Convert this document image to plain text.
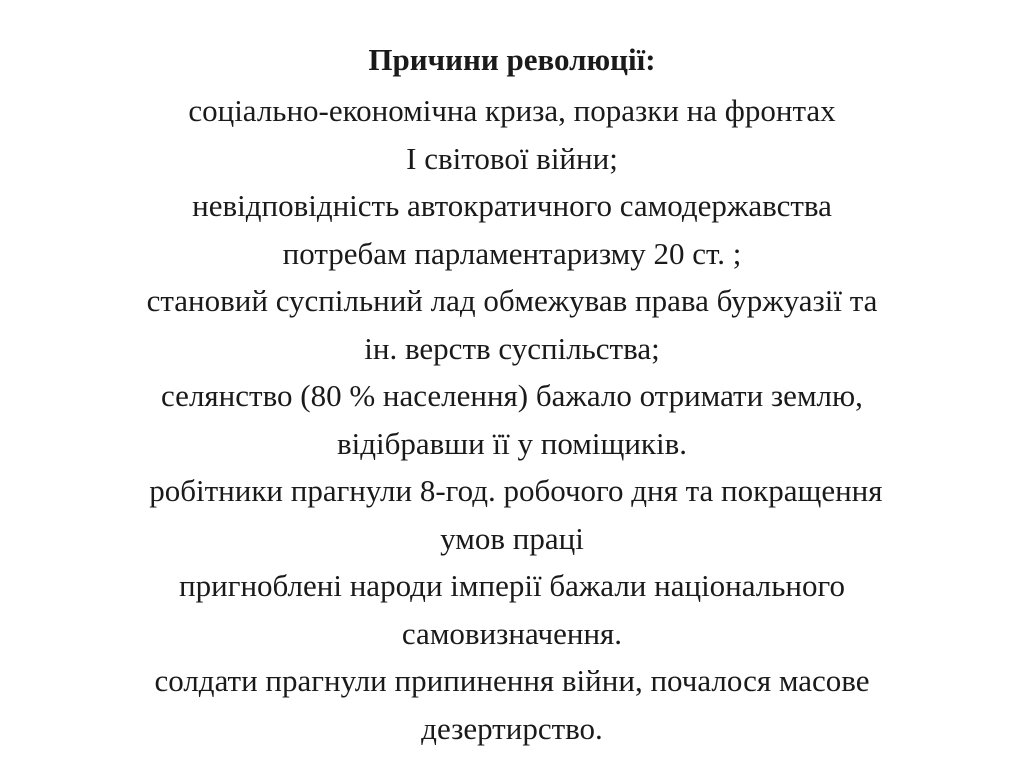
Причини революції:
соціально-економічна криза, поразки на фронтах
І світової війни;
невідповідність автократичного самодержавства
потребам парламентаризму 20 ст. ;
становий суспільний лад обмежував права буржуазії та
ін. верств суспільства;
селянство (80 % населення) бажало отримати землю,
відібравши її у поміщиків.
робітники прагнули 8-год. робочого дня та покращення
умов праці
пригноблені народи імперії бажали національного
самовизначення.
солдати прагнули припинення війни, почалося масове
дезертирство.
